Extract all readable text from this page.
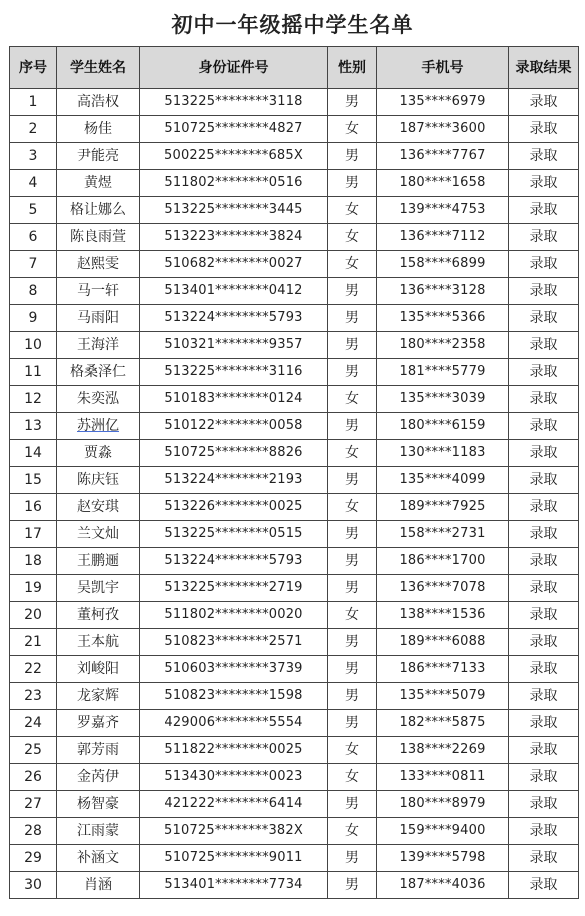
初中一年级摇中学生名单
序号	学生姓名	身份证件号	性别	手机号	录取结果
1	高浩权	513225********3118	男	135****6979	录取
2	杨佳	510725********4827	女	187****3600	录取
3	尹能亮	500225********685X	男	136****7767	录取
4	黄煜	511802********0516	男	180****1658	录取
5	格让娜么	513225********3445	女	139****4753	录取
6	陈良雨萱	513223********3824	女	136****7112	录取
7	赵熙雯	510682********0027	女	158****6899	录取
8	马一轩	513401********0412	男	136****3128	录取
9	马雨阳	513224********5793	男	135****5366	录取
10	王海洋	510321********9357	男	180****2358	录取
11	格桑泽仁	513225********3116	男	181****5779	录取
12	朱奕泓	510183********0124	女	135****3039	录取
13	苏洲亿	510122********0058	男	180****6159	录取
14	贾淼	510725********8826	女	130****1183	录取
15	陈庆钰	513224********2193	男	135****4099	录取
16	赵安琪	513226********0025	女	189****7925	录取
17	兰文灿	513225********0515	男	158****2731	录取
18	王鹏逦	513224********5793	男	186****1700	录取
19	吴凯宇	513225********2719	男	136****7078	录取
20	董柯孜	511802********0020	女	138****1536	录取
21	王本航	510823********2571	男	189****6088	录取
22	刘峻阳	510603********3739	男	186****7133	录取
23	龙家辉	510823********1598	男	135****5079	录取
24	罗嘉齐	429006********5554	男	182****5875	录取
25	郭芳雨	511822********0025	女	138****2269	录取
26	金芮伊	513430********0023	女	133****0811	录取
27	杨智豪	421222********6414	男	180****8979	录取
28	江雨蒙	510725********382X	女	159****9400	录取
29	补涵文	510725********9011	男	139****5798	录取
30	肖涵	513401********7734	男	187****4036	录取
